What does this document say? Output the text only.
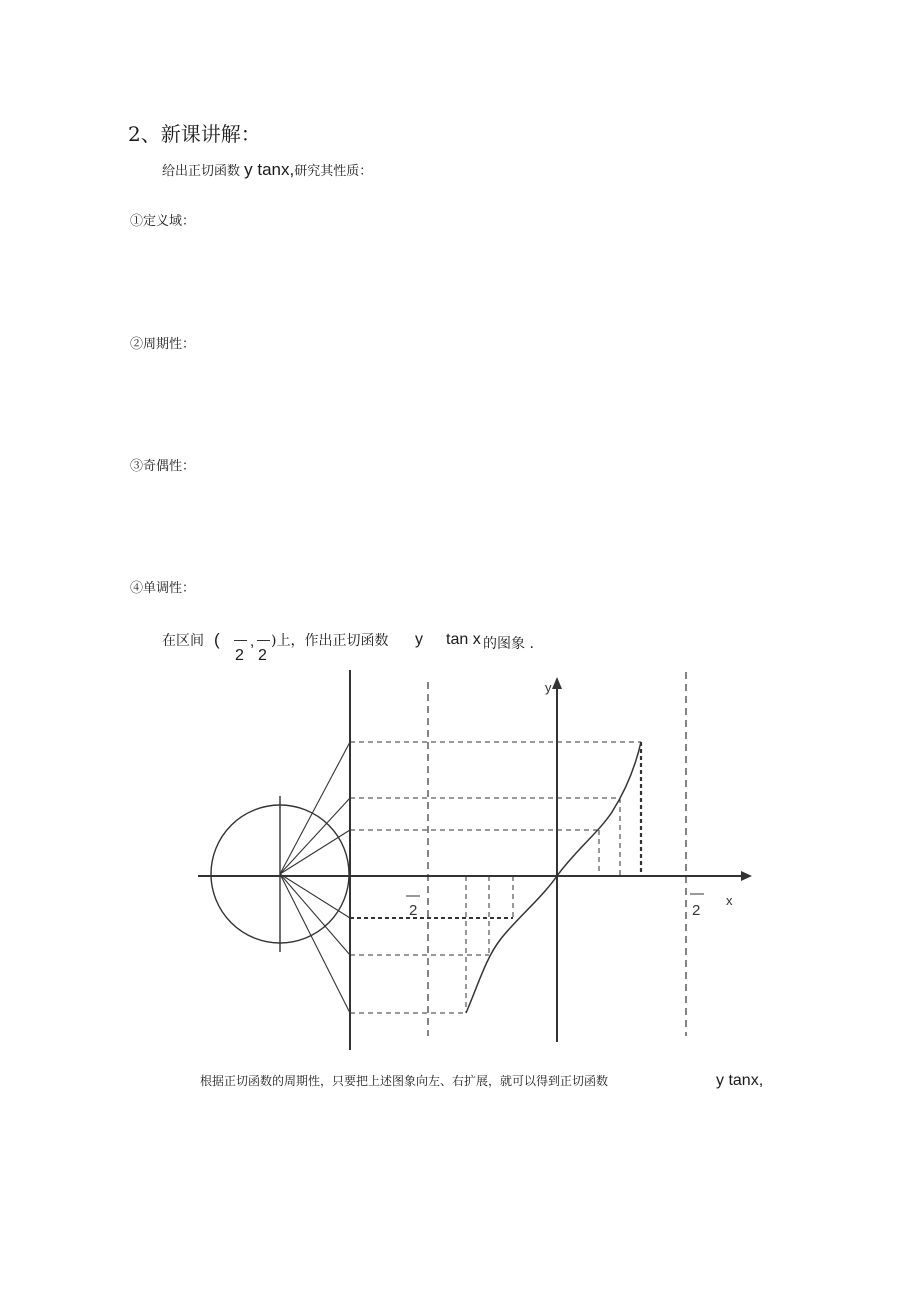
2、新课讲解：
给出正切函数 y tanx,研究其性质：
①定义域：
②周期性：
③奇偶性：
④单调性：
在区间 (
2
,
2
)上，作出正切函数 y tan x 的图象 .
2	2
x
y
根据正切函数的周期性，只要把上述图象向左、右扩展，就可以得到正切函数	y tanx,
